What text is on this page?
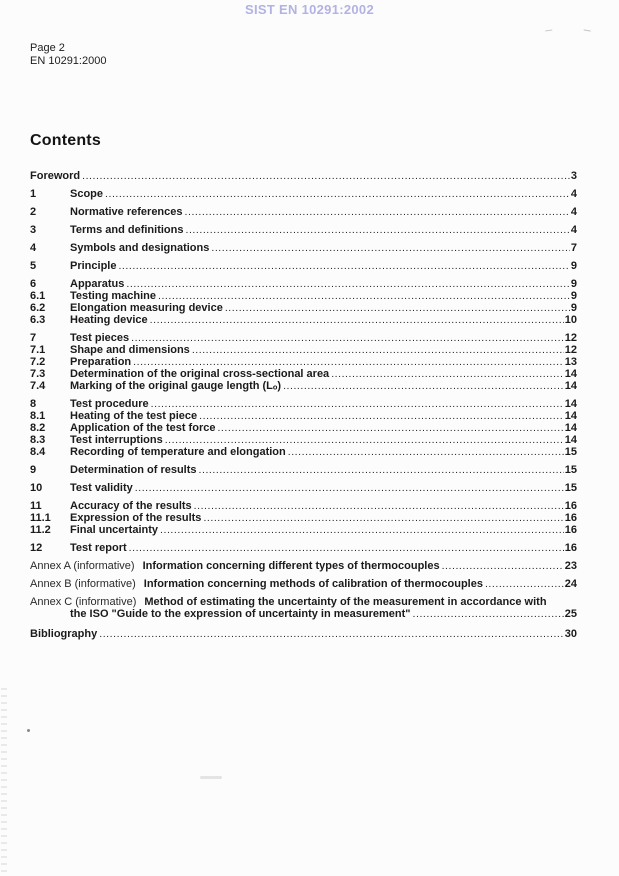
SIST EN 10291:2002
Page 2
EN 10291:2000
Contents
Foreword .....	3
1	Scope .....	4
2	Normative references .....	4
3	Terms and definitions .....	4
4	Symbols and designations .....	7
5	Principle .....	9
6	Apparatus .....	9
6.1	Testing machine .....	9
6.2	Elongation measuring device .....	9
6.3	Heating device .....	10
7	Test pieces .....	12
7.1	Shape and dimensions .....	12
7.2	Preparation .....	13
7.3	Determination of the original cross-sectional area .....	14
7.4	Marking of the original gauge length (Lₒ) .....	14
8	Test procedure .....	14
8.1	Heating of the test piece .....	14
8.2	Application of the test force .....	14
8.3	Test interruptions .....	14
8.4	Recording of temperature and elongation .....	15
9	Determination of results .....	15
10	Test validity .....	15
11	Accuracy of the results .....	16
11.1	Expression of the results .....	16
11.2	Final uncertainty .....	16
12	Test report .....	16
Annex A (informative) Information concerning different types of thermocouples .....	23
Annex B (informative) Information concerning methods of calibration of thermocouples .....	24
Annex C (informative) Method of estimating the uncertainty of the measurement in accordance with
the ISO "Guide to the expression of uncertainty in measurement" .....	25
Bibliography .....	30
